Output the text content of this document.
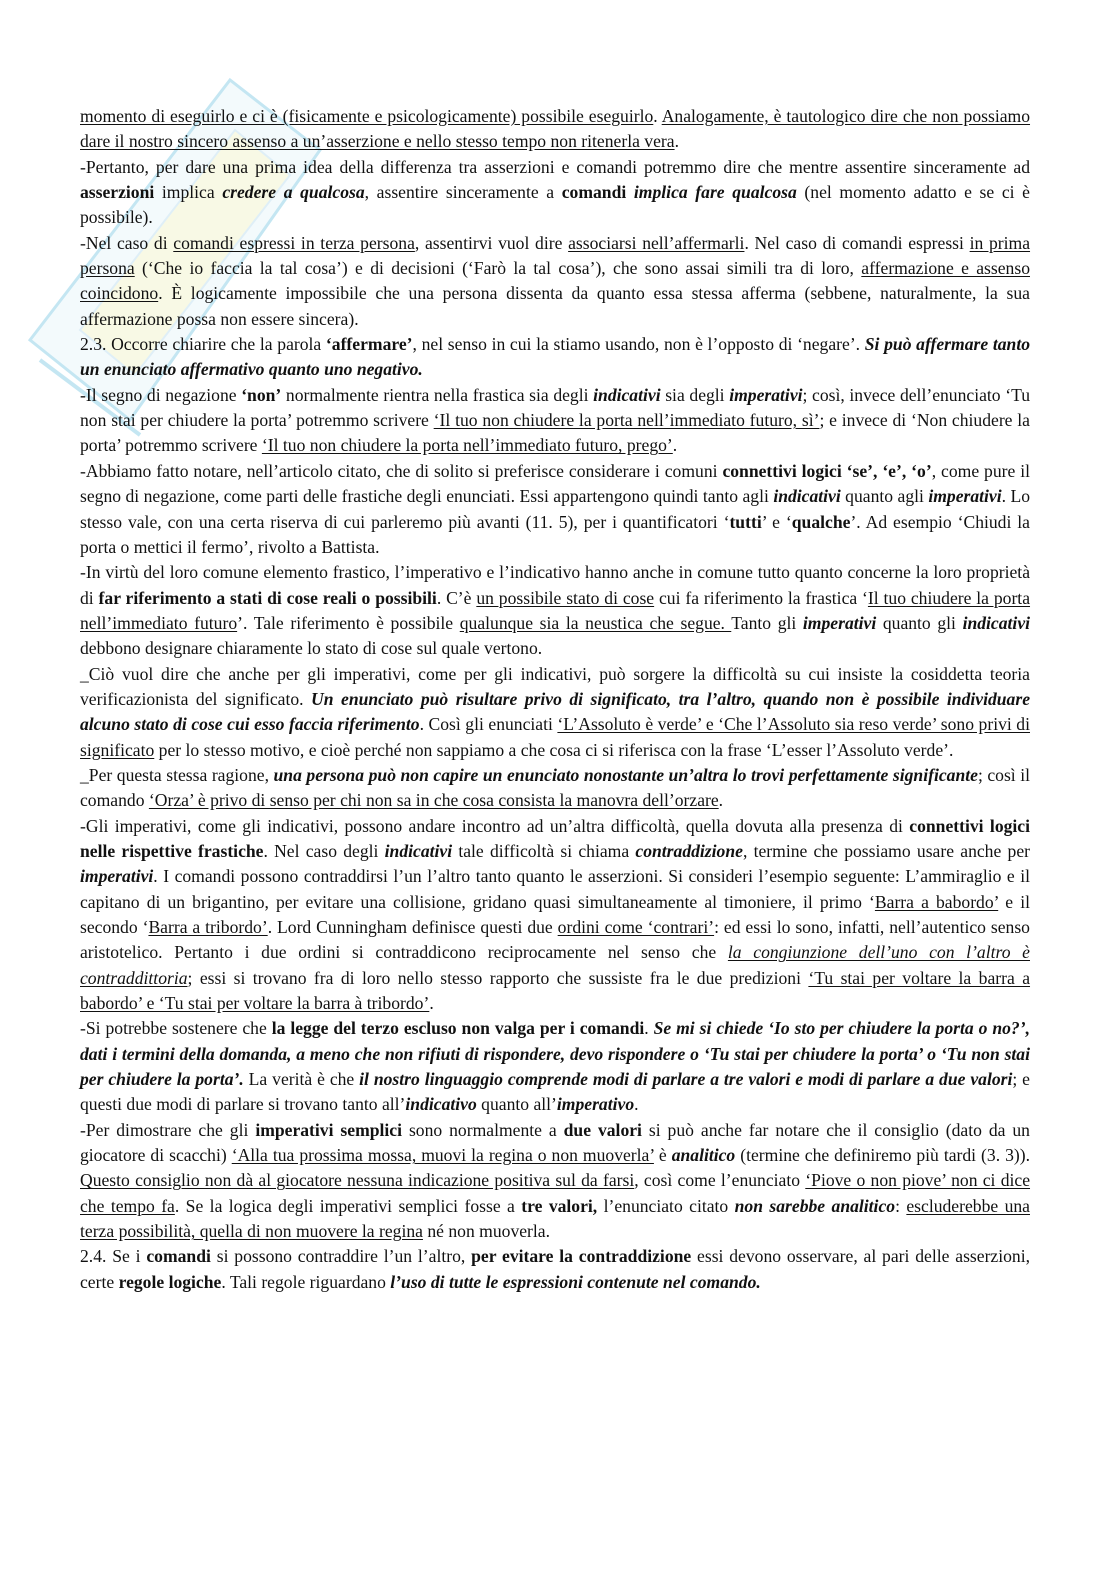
momento di eseguirlo e ci è (fisicamente e psicologicamente) possibile eseguirlo. Analogamente, è tautologico dire che non possiamo dare il nostro sincero assenso a un’asserzione e nello stesso tempo non ritenerla vera.

-Pertanto, per dare una prima idea della differenza tra asserzioni e comandi potremmo dire che mentre assentire sinceramente ad asserzioni implica credere a qualcosa, assentire sinceramente a comandi implica fare qualcosa (nel momento adatto e se ci è possibile).

-Nel caso di comandi espressi in terza persona, assentirvi vuol dire associarsi nell’affermarli. Nel caso di comandi espressi in prima persona (‘Che io faccia la tal cosa’) e di decisioni (‘Farò la tal cosa’), che sono assai simili tra di loro, affermazione e assenso coincidono. È logicamente impossibile che una persona dissenta da quanto essa stessa afferma (sebbene, naturalmente, la sua affermazione possa non essere sincera).

2.3. Occorre chiarire che la parola ‘affermare’, nel senso in cui la stiamo usando, non è l’opposto di ‘negare’. Si può affermare tanto un enunciato affermativo quanto uno negativo.

-Il segno di negazione ‘non’ normalmente rientra nella frastica sia degli indicativi sia degli imperativi; così, invece dell’enunciato ‘Tu non stai per chiudere la porta’ potremmo scrivere ‘Il tuo non chiudere la porta nell’immediato futuro, sì’; e invece di ‘Non chiudere la porta’ potremmo scrivere ‘Il tuo non chiudere la porta nell’immediato futuro, prego’.

-Abbiamo fatto notare, nell’articolo citato, che di solito si preferisce considerare i comuni connettivi logici ‘se’, ‘e’, ‘o’, come pure il segno di negazione, come parti delle frastiche degli enunciati. Essi appartengono quindi tanto agli indicativi quanto agli imperativi. Lo stesso vale, con una certa riserva di cui parleremo più avanti (11. 5), per i quantificatori ‘tutti’ e ‘qualche’. Ad esempio ‘Chiudi la porta o mettici il fermo’, rivolto a Battista.

-In virtù del loro comune elemento frastico, l’imperativo e l’indicativo hanno anche in comune tutto quanto concerne la loro proprietà di far riferimento a stati di cose reali o possibili. C’è un possibile stato di cose cui fa riferimento la frastica ‘Il tuo chiudere la porta nell’immediato futuro’. Tale riferimento è possibile qualunque sia la neustica che segue. Tanto gli imperativi quanto gli indicativi debbono designare chiaramente lo stato di cose sul quale vertono.

_Ciò vuol dire che anche per gli imperativi, come per gli indicativi, può sorgere la difficoltà su cui insiste la cosiddetta teoria verificazionista del significato. Un enunciato può risultare privo di significato, tra l’altro, quando non è possibile individuare alcuno stato di cose cui esso faccia riferimento. Così gli enunciati ‘L’Assoluto è verde’ e ‘Che l’Assoluto sia reso verde’ sono privi di significato per lo stesso motivo, e cioè perché non sappiamo a che cosa ci si riferisca con la frase ‘L’esser l’Assoluto verde’.

_Per questa stessa ragione, una persona può non capire un enunciato nonostante un’altra lo trovi perfettamente significante; così il comando ‘Orza’ è privo di senso per chi non sa in che cosa consista la manovra dell’orzare.

-Gli imperativi, come gli indicativi, possono andare incontro ad un’altra difficoltà, quella dovuta alla presenza di connettivi logici nelle rispettive frastiche. Nel caso degli indicativi tale difficoltà si chiama contraddizione, termine che possiamo usare anche per imperativi. I comandi possono contraddirsi l’un l’altro tanto quanto le asserzioni. Si consideri l’esempio seguente: L’ammiraglio e il capitano di un brigantino, per evitare una collisione, gridano quasi simultaneamente al timoniere, il primo ‘Barra a babordo’ e il secondo ‘Barra a tribordo’. Lord Cunningham definisce questi due ordini come ‘contrari’: ed essi lo sono, infatti, nell’autentico senso aristotelico. Pertanto i due ordini si contraddicono reciprocamente nel senso che la congiunzione dell’uno con l’altro è contraddittoria; essi si trovano fra di loro nello stesso rapporto che sussiste fra le due predizioni ‘Tu stai per voltare la barra a babordo’ e ‘Tu stai per voltare la barra à tribordo’.

-Si potrebbe sostenere che la legge del terzo escluso non valga per i comandi. Se mi si chiede ‘Io sto per chiudere la porta o no?’, dati i termini della domanda, a meno che non rifiuti di rispondere, devo rispondere o ‘Tu stai per chiudere la porta’ o ‘Tu non stai per chiudere la porta’. La verità è che il nostro linguaggio comprende modi di parlare a tre valori e modi di parlare a due valori; e questi due modi di parlare si trovano tanto all’indicativo quanto all’imperativo.

-Per dimostrare che gli imperativi semplici sono normalmente a due valori si può anche far notare che il consiglio (dato da un giocatore di scacchi) ‘Alla tua prossima mossa, muovi la regina o non muoverla’ è analitico (termine che definiremo più tardi (3. 3)). Questo consiglio non dà al giocatore nessuna indicazione positiva sul da farsi, così come l’enunciato ‘Piove o non piove’ non ci dice che tempo fa. Se la logica degli imperativi semplici fosse a tre valori, l’enunciato citato non sarebbe analitico: escluderebbe una terza possibilità, quella di non muovere la regina né non muoverla.

2.4. Se i comandi si possono contraddire l’un l’altro, per evitare la contraddizione essi devono osservare, al pari delle asserzioni, certe regole logiche. Tali regole riguardano l’uso di tutte le espressioni contenute nel comando.
